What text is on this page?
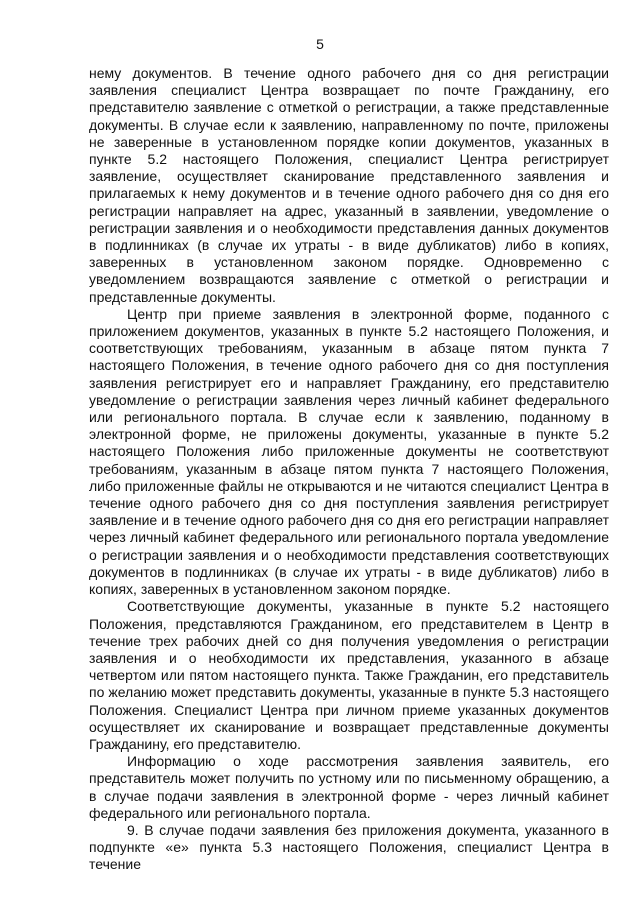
5

нему документов. В течение одного рабочего дня со дня регистрации заявления специалист Центра возвращает по почте Гражданину, его представителю заявление с отметкой о регистрации, а также представленные документы. В случае если к заявлению, направленному по почте, приложены не заверенные в установленном порядке копии документов, указанных в пункте 5.2 настоящего Положения, специалист Центра регистрирует заявление, осуществляет сканирование представленного заявления и прилагаемых к нему документов и в течение одного рабочего дня со дня его регистрации направляет на адрес, указанный в заявлении, уведомление о регистрации заявления и о необходимости представления данных документов в подлинниках (в случае их утраты - в виде дубликатов) либо в копиях, заверенных в установленном законом порядке. Одновременно с уведомлением возвращаются заявление с отметкой о регистрации и представленные документы.

Центр при приеме заявления в электронной форме, поданного с приложением документов, указанных в пункте 5.2 настоящего Положения, и соответствующих требованиям, указанным в абзаце пятом пункта 7 настоящего Положения, в течение одного рабочего дня со дня поступления заявления регистрирует его и направляет Гражданину, его представителю уведомление о регистрации заявления через личный кабинет федерального или регионального портала. В случае если к заявлению, поданному в электронной форме, не приложены документы, указанные в пункте 5.2 настоящего Положения либо приложенные документы не соответствуют требованиям, указанным в абзаце пятом пункта 7 настоящего Положения, либо приложенные файлы не открываются и не читаются специалист Центра в течение одного рабочего дня со дня поступления заявления регистрирует заявление и в течение одного рабочего дня со дня его регистрации направляет через личный кабинет федерального или регионального портала уведомление о регистрации заявления и о необходимости представления соответствующих документов в подлинниках (в случае их утраты - в виде дубликатов) либо в копиях, заверенных в установленном законом порядке.

Соответствующие документы, указанные в пункте 5.2 настоящего Положения, представляются Гражданином, его представителем в Центр в течение трех рабочих дней со дня получения уведомления о регистрации заявления и о необходимости их представления, указанного в абзаце четвертом или пятом настоящего пункта. Также Гражданин, его представитель по желанию может представить документы, указанные в пункте 5.3 настоящего Положения. Специалист Центра при личном приеме указанных документов осуществляет их сканирование и возвращает представленные документы Гражданину, его представителю.

Информацию о ходе рассмотрения заявления заявитель, его представитель может получить по устному или по письменному обращению, а в случае подачи заявления в электронной форме - через личный кабинет федерального или регионального портала.

9. В случае подачи заявления без приложения документа, указанного в подпункте «е» пункта 5.3 настоящего Положения, специалист Центра в течение
